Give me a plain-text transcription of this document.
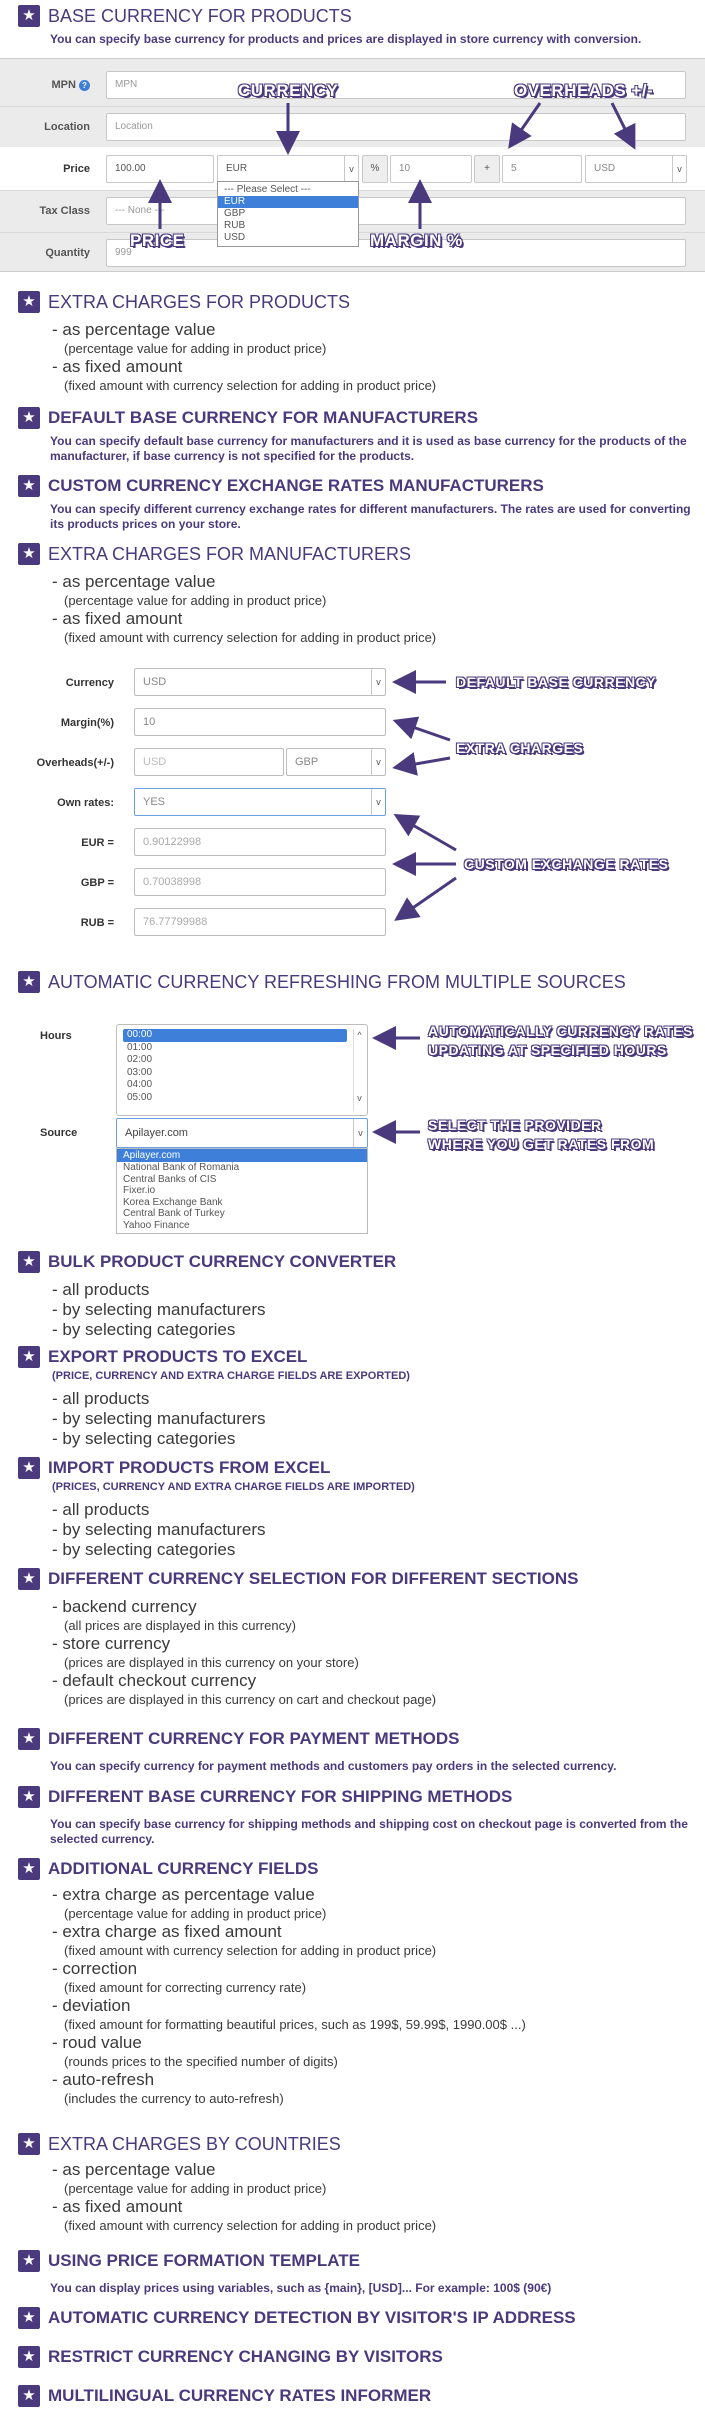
★ BASE CURRENCY FOR PRODUCTS
You can specify base currency for products and prices are displayed in store currency with conversion.
MPN ?	MPN
Location	Location
Price	100.00	EUR	v	%	10	+	5	USD	v
Tax Class	--- None ---
Quantity	999
--- Please Select ---
EUR
GBP
RUB
USD
CURRENCY	OVERHEADS +/-
PRICE	MARGIN %
★ EXTRA CHARGES FOR PRODUCTS
- as percentage value
(percentage value for adding in product price)
- as fixed amount
(fixed amount with currency selection for adding in product price)
★ DEFAULT BASE CURRENCY FOR MANUFACTURERS
You can specify default base currency for manufacturers and it is used as base currency for the products of the manufacturer, if base currency is not specified for the products.
★ CUSTOM CURRENCY EXCHANGE RATES MANUFACTURERS
You can specify different currency exchange rates for different manufacturers. The rates are used for converting its products prices on your store.
★ EXTRA CHARGES FOR MANUFACTURERS
- as percentage value
(percentage value for adding in product price)
- as fixed amount
(fixed amount with currency selection for adding in product price)
Currency	USD	v
Margin(%)	10
Overheads(+/-)	USD	GBP	v
Own rates:	YES	v
EUR =	0.90122998
GBP =	0.70038998
RUB =	76.77799988
DEFAULT BASE CURRENCY
EXTRA CHARGES
CUSTOM EXCHANGE RATES
★ AUTOMATIC CURRENCY REFRESHING FROM MULTIPLE SOURCES
Hours	00:00
01:00
02:00
03:00
04:00
05:00
^

v
AUTOMATICALLY CURRENCY RATES
UPDATING AT SPECIFIED HOURS
Source	Apilayer.com	v
Apilayer.com
National Bank of Romania
Central Banks of CIS
Fixer.io
Korea Exchange Bank
Central Bank of Turkey
Yahoo Finance
SELECT THE PROVIDER
WHERE YOU GET RATES FROM
★ BULK PRODUCT CURRENCY CONVERTER
- all products
- by selecting manufacturers
- by selecting categories
★ EXPORT PRODUCTS TO EXCEL
(PRICE, CURRENCY AND EXTRA CHARGE FIELDS ARE EXPORTED)
- all products
- by selecting manufacturers
- by selecting categories
★ IMPORT PRODUCTS FROM EXCEL
(PRICES, CURRENCY AND EXTRA CHARGE FIELDS ARE IMPORTED)
- all products
- by selecting manufacturers
- by selecting categories
★ DIFFERENT CURRENCY SELECTION FOR DIFFERENT SECTIONS
- backend currency
(all prices are displayed in this currency)
- store currency
(prices are displayed in this currency on your store)
- default checkout currency
(prices are displayed in this currency on cart and checkout page)
★ DIFFERENT CURRENCY FOR PAYMENT METHODS
You can specify currency for payment methods and customers pay orders in the selected currency.
★ DIFFERENT BASE CURRENCY FOR SHIPPING METHODS
You can specify base currency for shipping methods and shipping cost on checkout page is converted from the selected currency.
★ ADDITIONAL CURRENCY FIELDS
- extra charge as percentage value
(percentage value for adding in product price)
- extra charge as fixed amount
(fixed amount with currency selection for adding in product price)
- correction
(fixed amount for correcting currency rate)
- deviation
(fixed amount for formatting beautiful prices, such as 199$, 59.99$, 1990.00$ ...)
- roud value
(rounds prices to the specified number of digits)
- auto-refresh
(includes the currency to auto-refresh)
★ EXTRA CHARGES BY COUNTRIES
- as percentage value
(percentage value for adding in product price)
- as fixed amount
(fixed amount with currency selection for adding in product price)
★ USING PRICE FORMATION TEMPLATE
You can display prices using variables, such as {main}, [USD]... For example: 100$ (90€)
★ AUTOMATIC CURRENCY DETECTION BY VISITOR'S IP ADDRESS
★ RESTRICT CURRENCY CHANGING BY VISITORS
★ MULTILINGUAL CURRENCY RATES INFORMER
